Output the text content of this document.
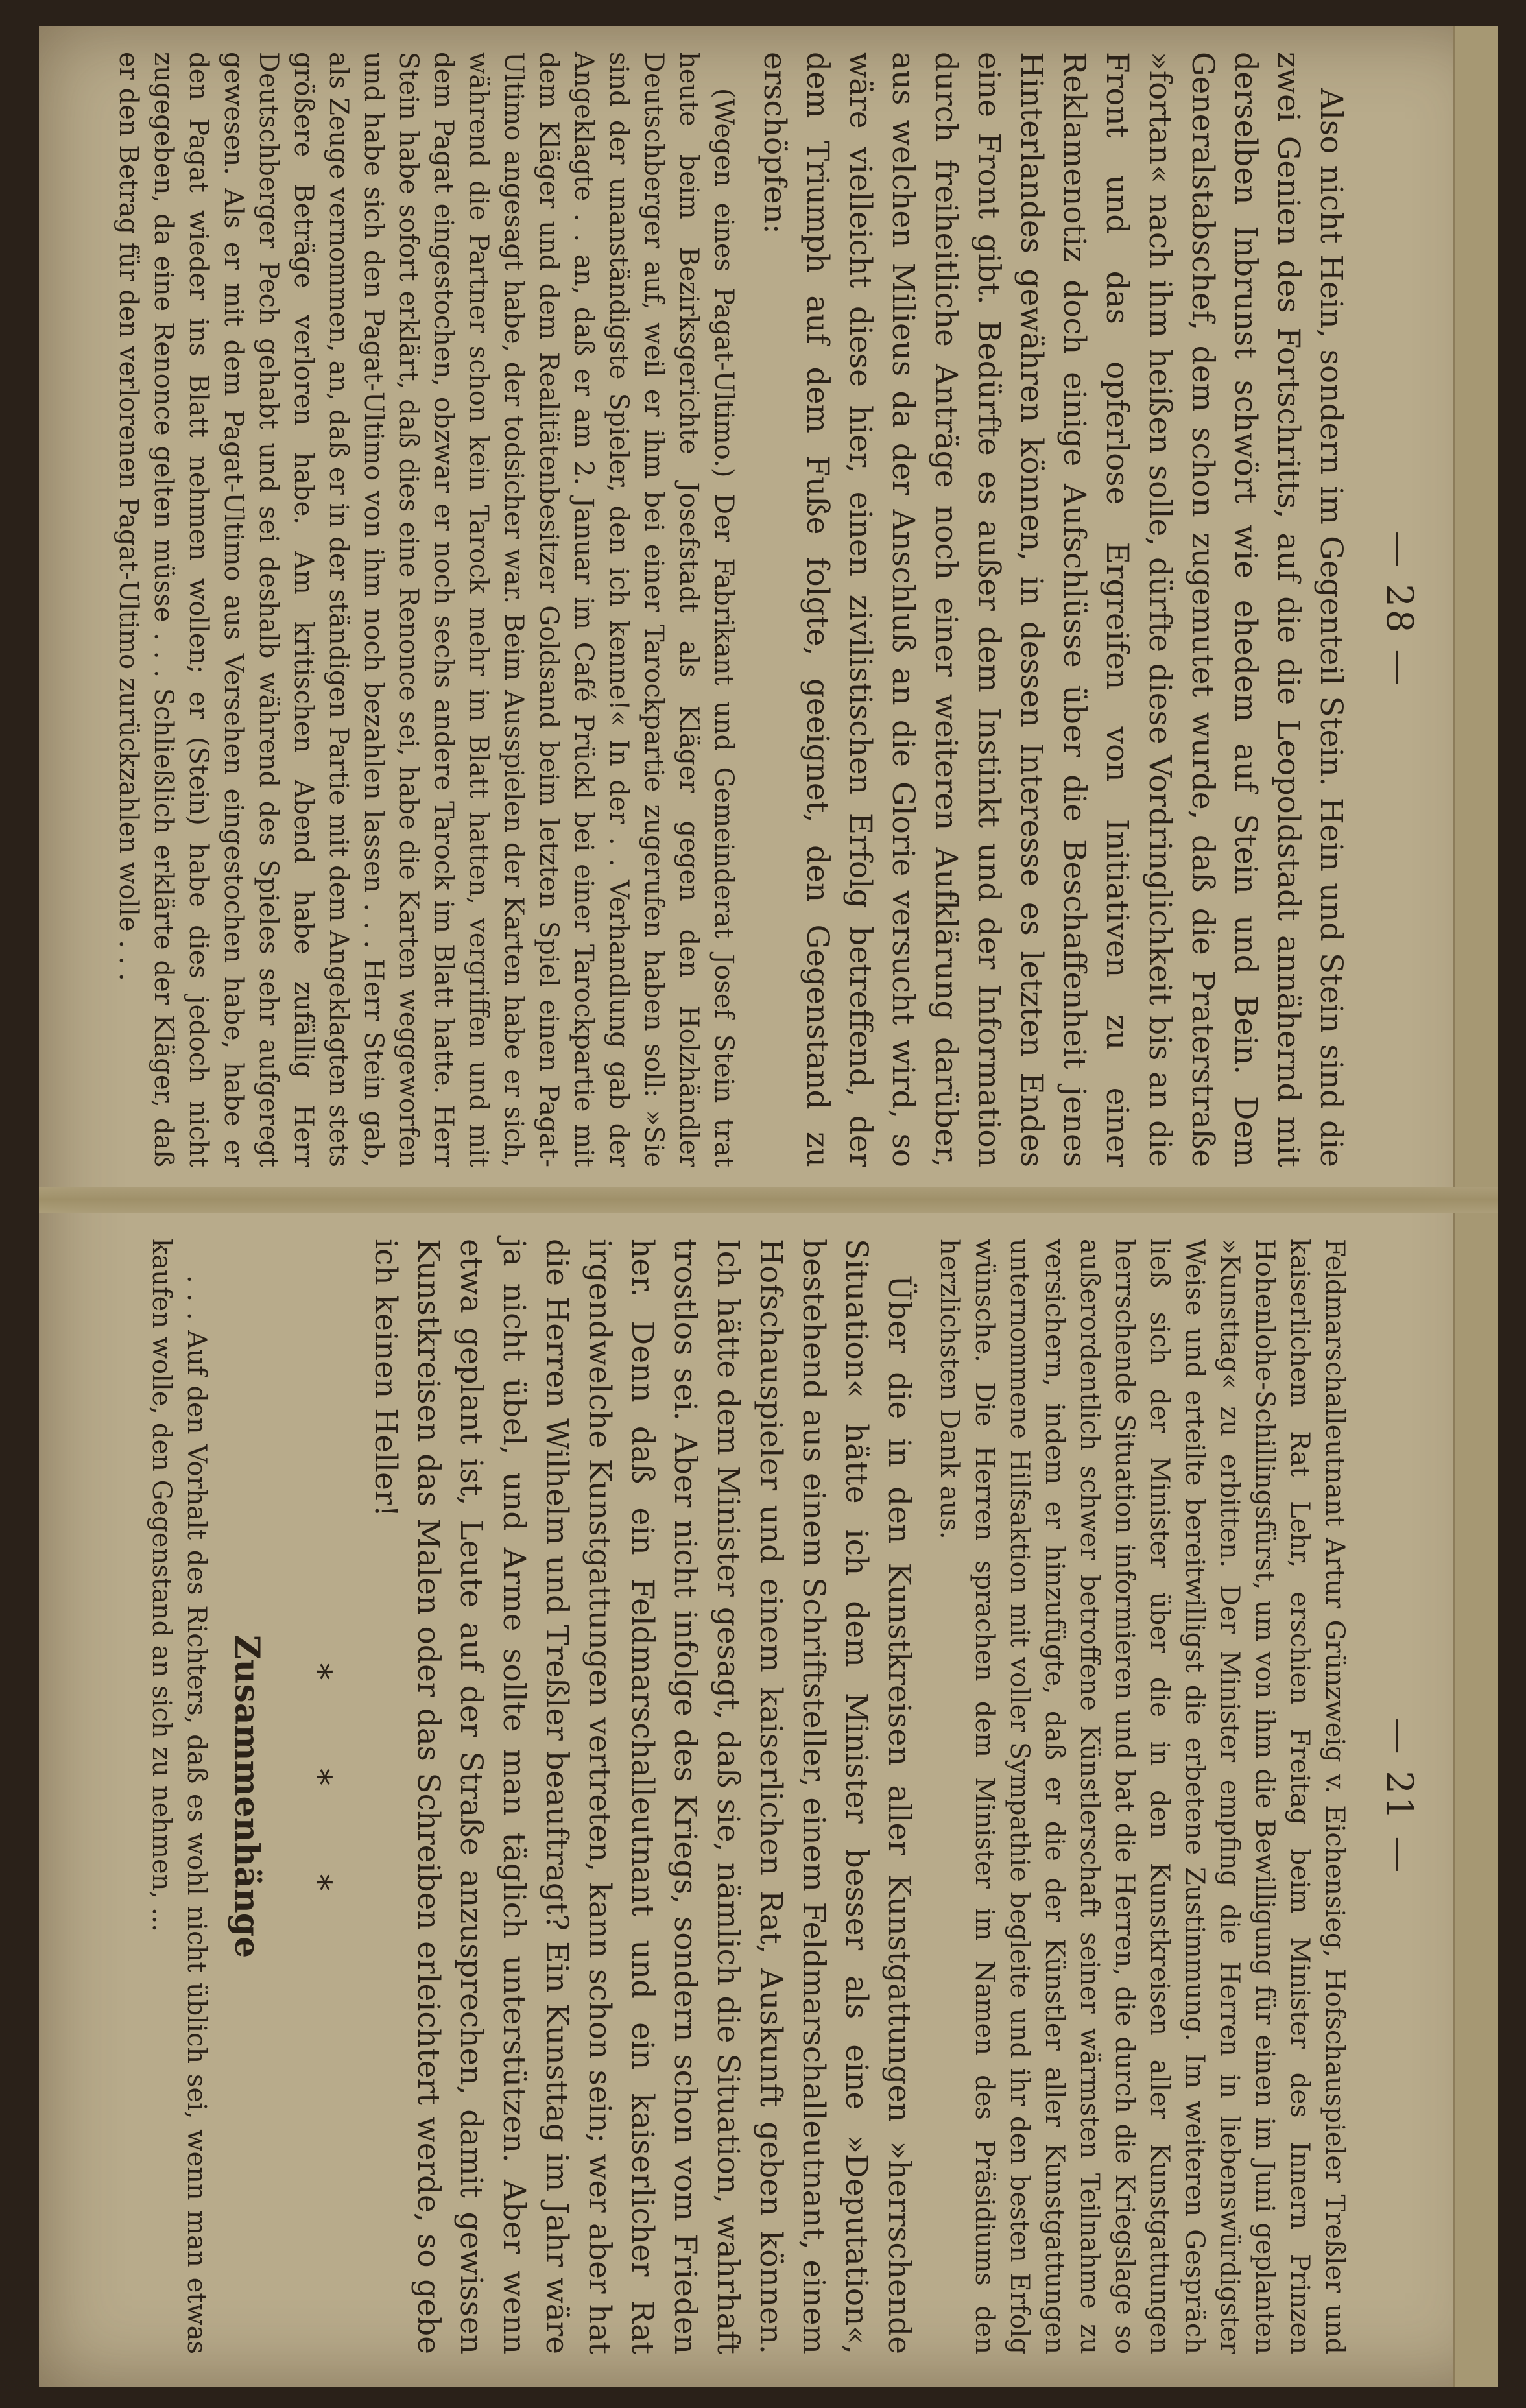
— 28 —

Also nicht Hein, sondern im Gegenteil Stein. Hein und Stein sind die zwei Genien des Fortschritts, auf die die Leopoldstadt annähernd mit derselben Inbrunst schwört wie ehedem auf Stein und Bein. Dem Generalstabschef, dem schon zugemutet wurde, daß die Praterstraße »fortan« nach ihm heißen solle, dürfte diese Vordringlichkeit bis an die Front und das opferlose Ergreifen von Initiativen zu einer Reklamenotiz doch einige Aufschlüsse über die Beschaffenheit jenes Hinterlandes gewähren können, in dessen Interesse es letzten Endes eine Front gibt. Bedürfte es außer dem Instinkt und der Information durch freiheitliche Anträge noch einer weiteren Aufklärung darüber, aus welchen Milieus da der Anschluß an die Glorie versucht wird, so wäre vielleicht diese hier, einen zivilistischen Erfolg betreffend, der dem Triumph auf dem Fuße folgte, geeignet, den Gegenstand zu erschöpfen:

(Wegen eines Pagat-Ultimo.) Der Fabrikant und Gemeinderat Josef Stein trat heute beim Bezirksgerichte Josefstadt als Kläger gegen den Holzhändler Deutschberger auf, weil er ihm bei einer Tarockpartie zugerufen haben soll: »Sie sind der unanständigste Spieler, den ich kenne!« In der . . Verhandlung gab der Angeklagte . . an, daß er am 2. Januar im Café Prückl bei einer Tarockpartie mit dem Kläger und dem Realitätenbesitzer Goldsand beim letzten Spiel einen Pagat-Ultimo angesagt habe, der todsicher war. Beim Ausspielen der Karten habe er sich, während die Partner schon kein Tarock mehr im Blatt hatten, vergriffen und mit dem Pagat eingestochen, obzwar er noch sechs andere Tarock im Blatt hatte. Herr Stein habe sofort erklärt, daß dies eine Renonce sei, habe die Karten weggeworfen und habe sich den Pagat-Ultimo von ihm noch bezahlen lassen . . . Herr Stein gab, als Zeuge vernommen, an, daß er in der ständigen Partie mit dem Angeklagten stets größere Beträge verloren habe. Am kritischen Abend habe zufällig Herr Deutschberger Pech gehabt und sei deshalb während des Spieles sehr aufgeregt gewesen. Als er mit dem Pagat-Ultimo aus Versehen eingestochen habe, habe er den Pagat wieder ins Blatt nehmen wollen; er (Stein) habe dies jedoch nicht zugegeben, da eine Renonce gelten müsse . . . Schließlich erklärte der Kläger, daß er den Betrag für den verlorenen Pagat-Ultimo zurückzahlen wolle . . .

— 21 —

Feldmarschalleutnant Artur Grünzweig v. Eichensieg, Hofschauspieler Treßler und kaiserlichem Rat Lehr, erschien Freitag beim Minister des Innern Prinzen Hohenlohe-Schillingsfürst, um von ihm die Bewilligung für einen im Juni geplanten »Kunsttag« zu erbitten. Der Minister empfing die Herren in liebenswürdigster Weise und erteilte bereitwilligst die erbetene Zustimmung. Im weiteren Gespräch ließ sich der Minister über die in den Kunstkreisen aller Kunstgattungen herrschende Situation informieren und bat die Herren, die durch die Kriegslage so außerordentlich schwer betroffene Künstlerschaft seiner wärmsten Teilnahme zu versichern, indem er hinzufügte, daß er die der Künstler aller Kunstgattungen unternommene Hilfsaktion mit voller Sympathie begleite und ihr den besten Erfolg wünsche. Die Herren sprachen dem Minister im Namen des Präsidiums den herzlichsten Dank aus.

Über die in den Kunstkreisen aller Kunstgattungen »herrschende Situation« hätte ich dem Minister besser als eine »Deputation«, bestehend aus einem Schriftsteller, einem Feldmarschalleutnant, einem Hofschauspieler und einem kaiserlichen Rat, Auskunft geben können. Ich hätte dem Minister gesagt, daß sie, nämlich die Situation, wahrhaft trostlos sei. Aber nicht infolge des Kriegs, sondern schon vom Frieden her. Denn daß ein Feldmarschalleutnant und ein kaiserlicher Rat irgendwelche Kunstgattungen vertreten, kann schon sein; wer aber hat die Herren Wilhelm und Treßler beauftragt? Ein Kunsttag im Jahr wäre ja nicht übel, und Arme sollte man täglich unterstützen. Aber wenn etwa geplant ist, Leute auf der Straße anzusprechen, damit gewissen Kunstkreisen das Malen oder das Schreiben erleichtert werde, so gebe ich keinen Heller!

* * *
Zusammenhänge

. . . Auf den Vorhalt des Richters, daß es wohl nicht üblich sei, wenn man etwas kaufen wolle, den Gegenstand an sich zu nehmen, ...
